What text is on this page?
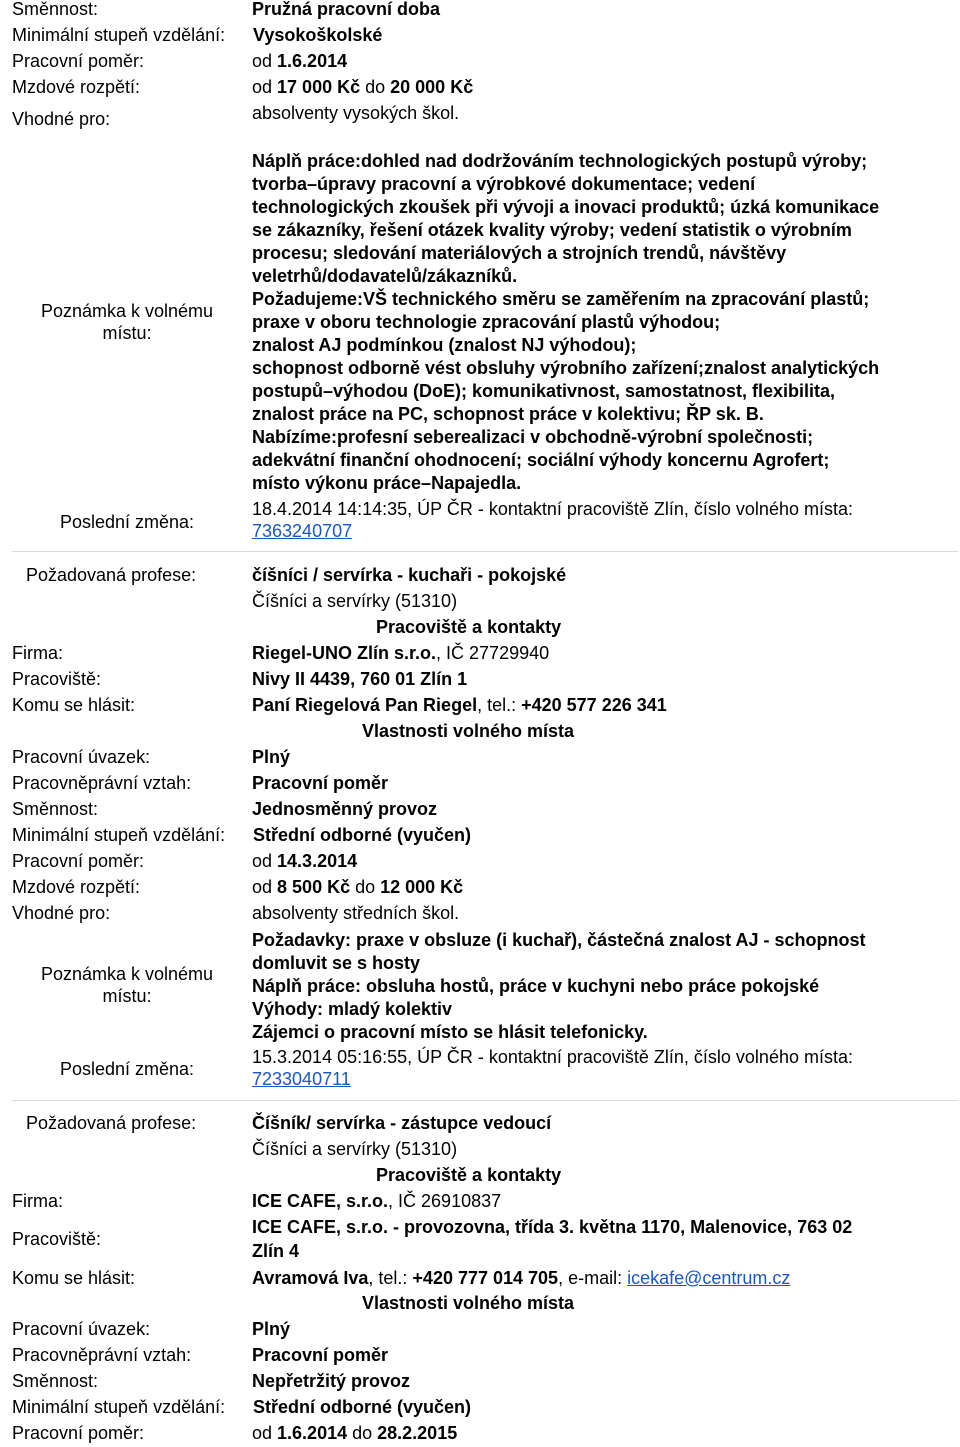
Směnnost:	Pružná pracovní doba
Minimální stupeň vzdělání: Vysokoškolské
Pracovní poměr:	od 1.6.2014
Mzdové rozpětí:	od 17 000 Kč do 20 000 Kč
Vhodné pro:	absolventy vysokých škol.
Poznámka k volnému
místu:

Náplň práce:dohled nad dodržováním technologických postupů výroby;

tvorba–úpravy pracovní a výrobkové dokumentace; vedení

technologických zkoušek při vývoji a inovaci produktů; úzká komunikace

se zákazníky, řešení otázek kvality výroby; vedení statistik o výrobním

procesu; sledování materiálových a strojních trendů, návštěvy

veletrhů/dodavatelů/zákazníků.

Požadujeme:VŠ technického směru se zaměřením na zpracování plastů;

praxe v oboru technologie zpracování plastů výhodou;

znalost AJ podmínkou (znalost NJ výhodou);

schopnost odborně vést obsluhy výrobního zařízení;znalost analytických

postupů–výhodou (DoE); komunikativnost, samostatnost, flexibilita,

znalost práce na PC, schopnost práce v kolektivu; ŘP sk. B.

Nabízíme:profesní seberealizaci v obchodně-výrobní společnosti;

adekvátní finanční ohodnocení; sociální výhody koncernu Agrofert;

místo výkonu práce–Napajedla.

Poslední změna:
18.4.2014 14:14:35, ÚP ČR - kontaktní pracoviště Zlín, číslo volného místa:
7363240707
Požadovaná profese:	číšníci / servírka - kuchaři - pokojské
Číšníci a servírky (51310)
Pracoviště a kontakty
Firma:	Riegel-UNO Zlín s.r.o., IČ 27729940
Pracoviště:	Nivy II 4439, 760 01 Zlín 1
Komu se hlásit:	Paní Riegelová Pan Riegel, tel.: +420 577 226 341
Vlastnosti volného místa
Pracovní úvazek:	Plný
Pracovněprávní vztah:	Pracovní poměr
Směnnost:	Jednosměnný provoz
Minimální stupeň vzdělání: Střední odborné (vyučen)
Pracovní poměr:	od 14.3.2014
Mzdové rozpětí:	od 8 500 Kč do 12 000 Kč
Vhodné pro:	absolventy středních škol.
Poznámka k volnému
místu:

Požadavky: praxe v obsluze (i kuchař), částečná znalost AJ - schopnost

domluvit se s hosty

Náplň práce: obsluha hostů, práce v kuchyni nebo práce pokojské

Výhody: mladý kolektiv

Zájemci o pracovní místo se hlásit telefonicky.

Poslední změna:
15.3.2014 05:16:55, ÚP ČR - kontaktní pracoviště Zlín, číslo volného místa:
7233040711
Požadovaná profese:	Číšník/ servírka - zástupce vedoucí
Číšníci a servírky (51310)
Pracoviště a kontakty
Firma:	ICE CAFE, s.r.o., IČ 26910837
Pracoviště:
ICE CAFE, s.r.o. - provozovna, třída 3. května 1170, Malenovice, 763 02
Zlín 4
Komu se hlásit:	Avramová Iva, tel.: +420 777 014 705, e-mail: icekafe@centrum.cz
Vlastnosti volného místa
Pracovní úvazek:	Plný
Pracovněprávní vztah:	Pracovní poměr
Směnnost:	Nepřetržitý provoz
Minimální stupeň vzdělání: Střední odborné (vyučen)
Pracovní poměr:	od 1.6.2014 do 28.2.2015
